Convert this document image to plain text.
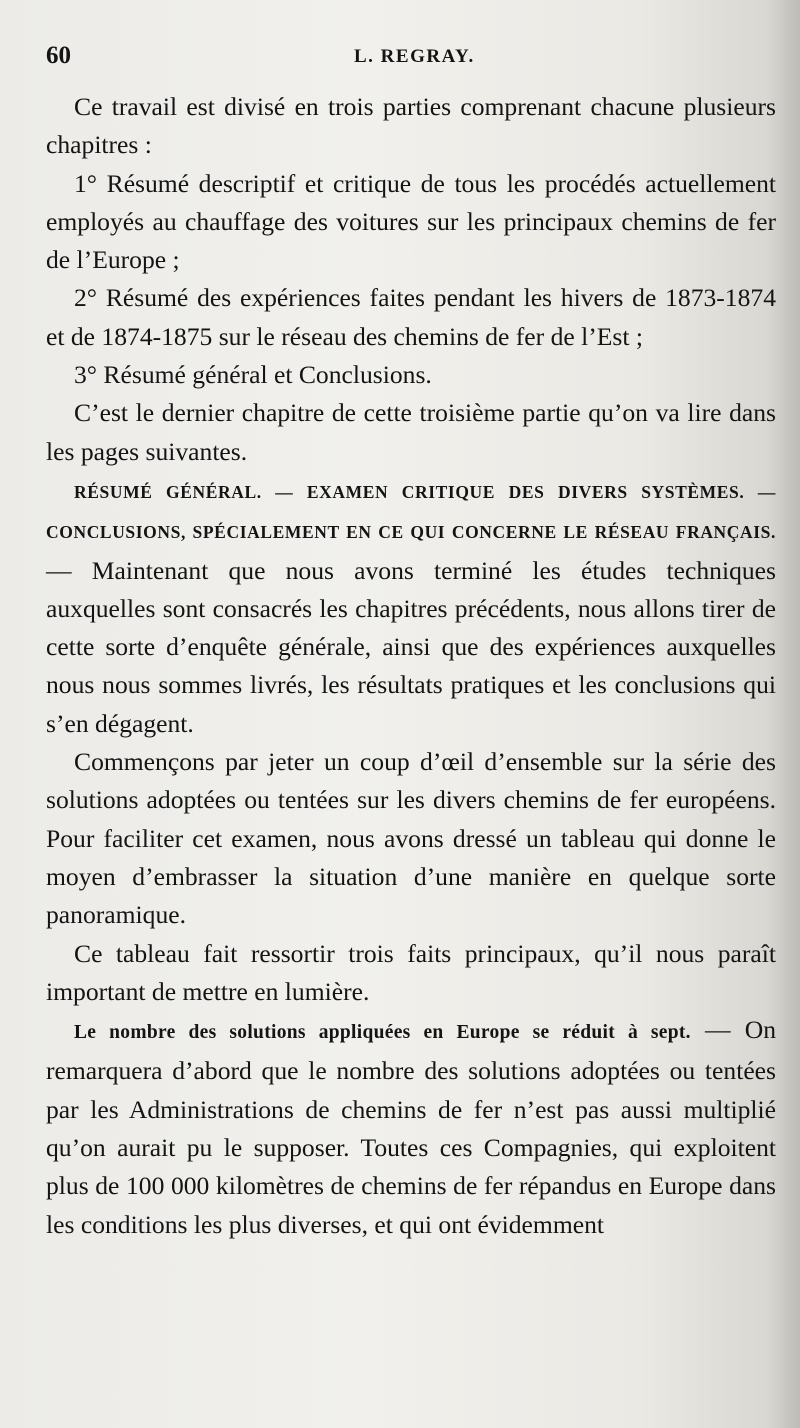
60	L. REGRAY.

Ce travail est divisé en trois parties comprenant chacune plusieurs chapitres :

1° Résumé descriptif et critique de tous les procédés actuellement employés au chauffage des voitures sur les principaux chemins de fer de l’Europe ;

2° Résumé des expériences faites pendant les hivers de 1873-1874 et de 1874-1875 sur le réseau des chemins de fer de l’Est ;

3° Résumé général et Conclusions.

C’est le dernier chapitre de cette troisième partie qu’on va lire dans les pages suivantes.

RÉSUMÉ GÉNÉRAL. — EXAMEN CRITIQUE DES DIVERS SYSTÈMES. — CONCLUSIONS, SPÉCIALEMENT EN CE QUI CONCERNE LE RÉSEAU FRANÇAIS. — Maintenant que nous avons terminé les études techniques auxquelles sont consacrés les chapitres précédents, nous allons tirer de cette sorte d’enquête générale, ainsi que des expériences auxquelles nous nous sommes livrés, les résultats pratiques et les conclusions qui s’en dégagent.

Commençons par jeter un coup d’œil d’ensemble sur la série des solutions adoptées ou tentées sur les divers chemins de fer européens. Pour faciliter cet examen, nous avons dressé un tableau qui donne le moyen d’embrasser la situation d’une manière en quelque sorte panoramique.

Ce tableau fait ressortir trois faits principaux, qu’il nous paraît important de mettre en lumière.

Le nombre des solutions appliquées en Europe se réduit à sept. — On remarquera d’abord que le nombre des solutions adoptées ou tentées par les Administrations de chemins de fer n’est pas aussi multiplié qu’on aurait pu le supposer. Toutes ces Compagnies, qui exploitent plus de 100 000 kilomètres de chemins de fer répandus en Europe dans les conditions les plus diverses, et qui ont évidemment
